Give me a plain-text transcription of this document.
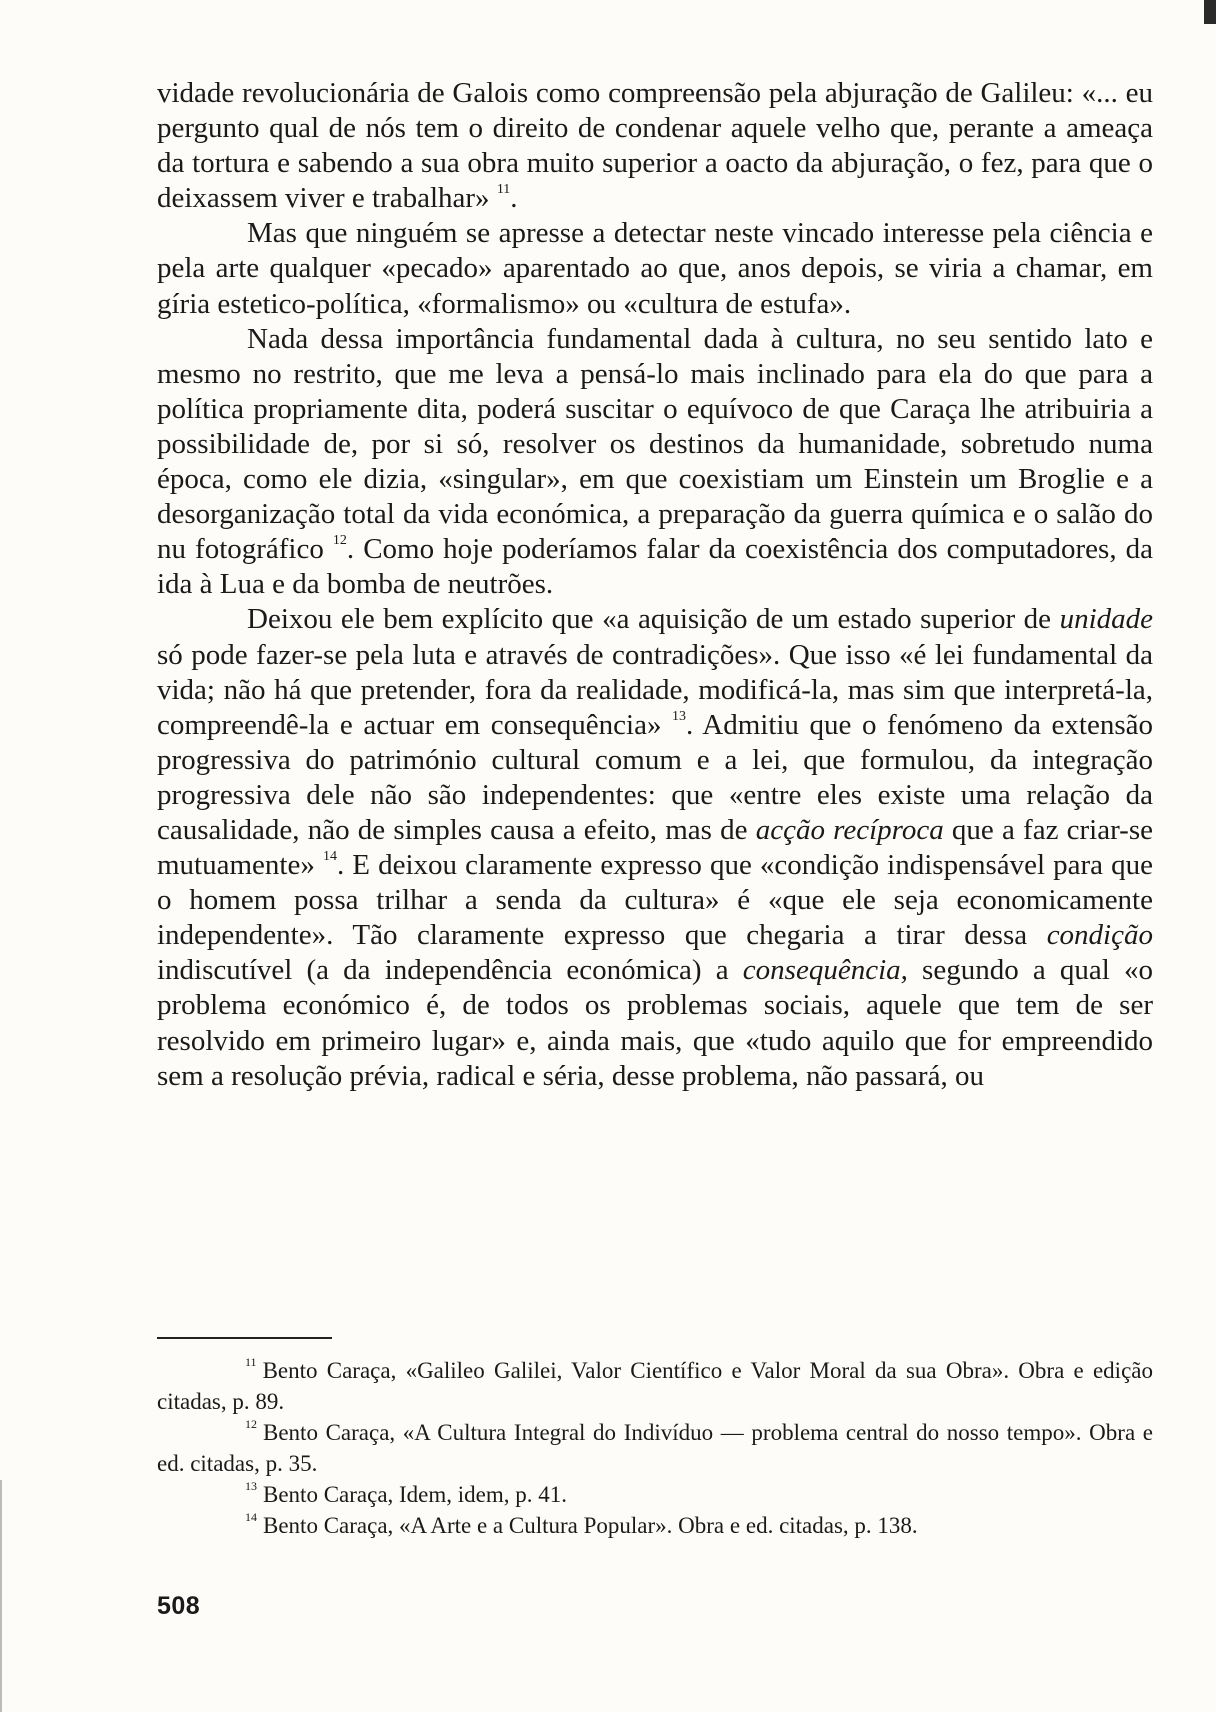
vidade revolucionária de Galois como compreensão pela abjuração de Galileu: «... eu pergunto qual de nós tem o direito de condenar aquele velho que, perante a ameaça da tortura e sabendo a sua obra muito superior a oacto da abjuração, o fez, para que o deixassem viver e trabalhar» $^{11}$.

Mas que ninguém se apresse a detectar neste vincado interesse pela ciência e pela arte qualquer «pecado» aparentado ao que, anos depois, se viria a chamar, em gíria estetico-política, «formalismo» ou «cultura de estufa».

Nada dessa importância fundamental dada à cultura, no seu sentido lato e mesmo no restrito, que me leva a pensá-lo mais inclinado para ela do que para a política propriamente dita, poderá suscitar o equívoco de que Caraça lhe atribuiria a possibilidade de, por si só, resolver os destinos da humanidade, sobretudo numa época, como ele dizia, «singular», em que coexistiam um Einstein um Broglie e a desorganização total da vida económica, a preparação da guerra química e o salão do nu fotográfico $^{12}$. Como hoje poderíamos falar da coexistência dos computadores, da ida à Lua e da bomba de neutrões.

Deixou ele bem explícito que «a aquisição de um estado superior de unidade só pode fazer-se pela luta e através de contradições». Que isso «é lei fundamental da vida; não há que pretender, fora da realidade, modificá-la, mas sim que interpretá-la, compreendê-la e actuar em consequência» $^{13}$. Admitiu que o fenómeno da extensão progressiva do património cultural comum e a lei, que formulou, da integração progressiva dele não são independentes: que «entre eles existe uma relação da causalidade, não de simples causa a efeito, mas de acção recíproca que a faz criar-se mutuamente» $^{14}$. E deixou claramente expresso que «condição indispensável para que o homem possa trilhar a senda da cultura» é «que ele seja economicamente independente». Tão claramente expresso que chegaria a tirar dessa condição indiscutível (a da independência económica) a consequência, segundo a qual «o problema económico é, de todos os problemas sociais, aquele que tem de ser resolvido em primeiro lugar» e, ainda mais, que «tudo aquilo que for empreendido sem a resolução prévia, radical e séria, desse problema, não passará, ou

$^{11}$ Bento Caraça, «Galileo Galilei, Valor Científico e Valor Moral da sua Obra». Obra e edição citadas, p. 89.

$^{12}$ Bento Caraça, «A Cultura Integral do Indivíduo — problema central do nosso tempo». Obra e ed. citadas, p. 35.

$^{13}$ Bento Caraça, Idem, idem, p. 41.

$^{14}$ Bento Caraça, «A Arte e a Cultura Popular». Obra e ed. citadas, p. 138.

508
